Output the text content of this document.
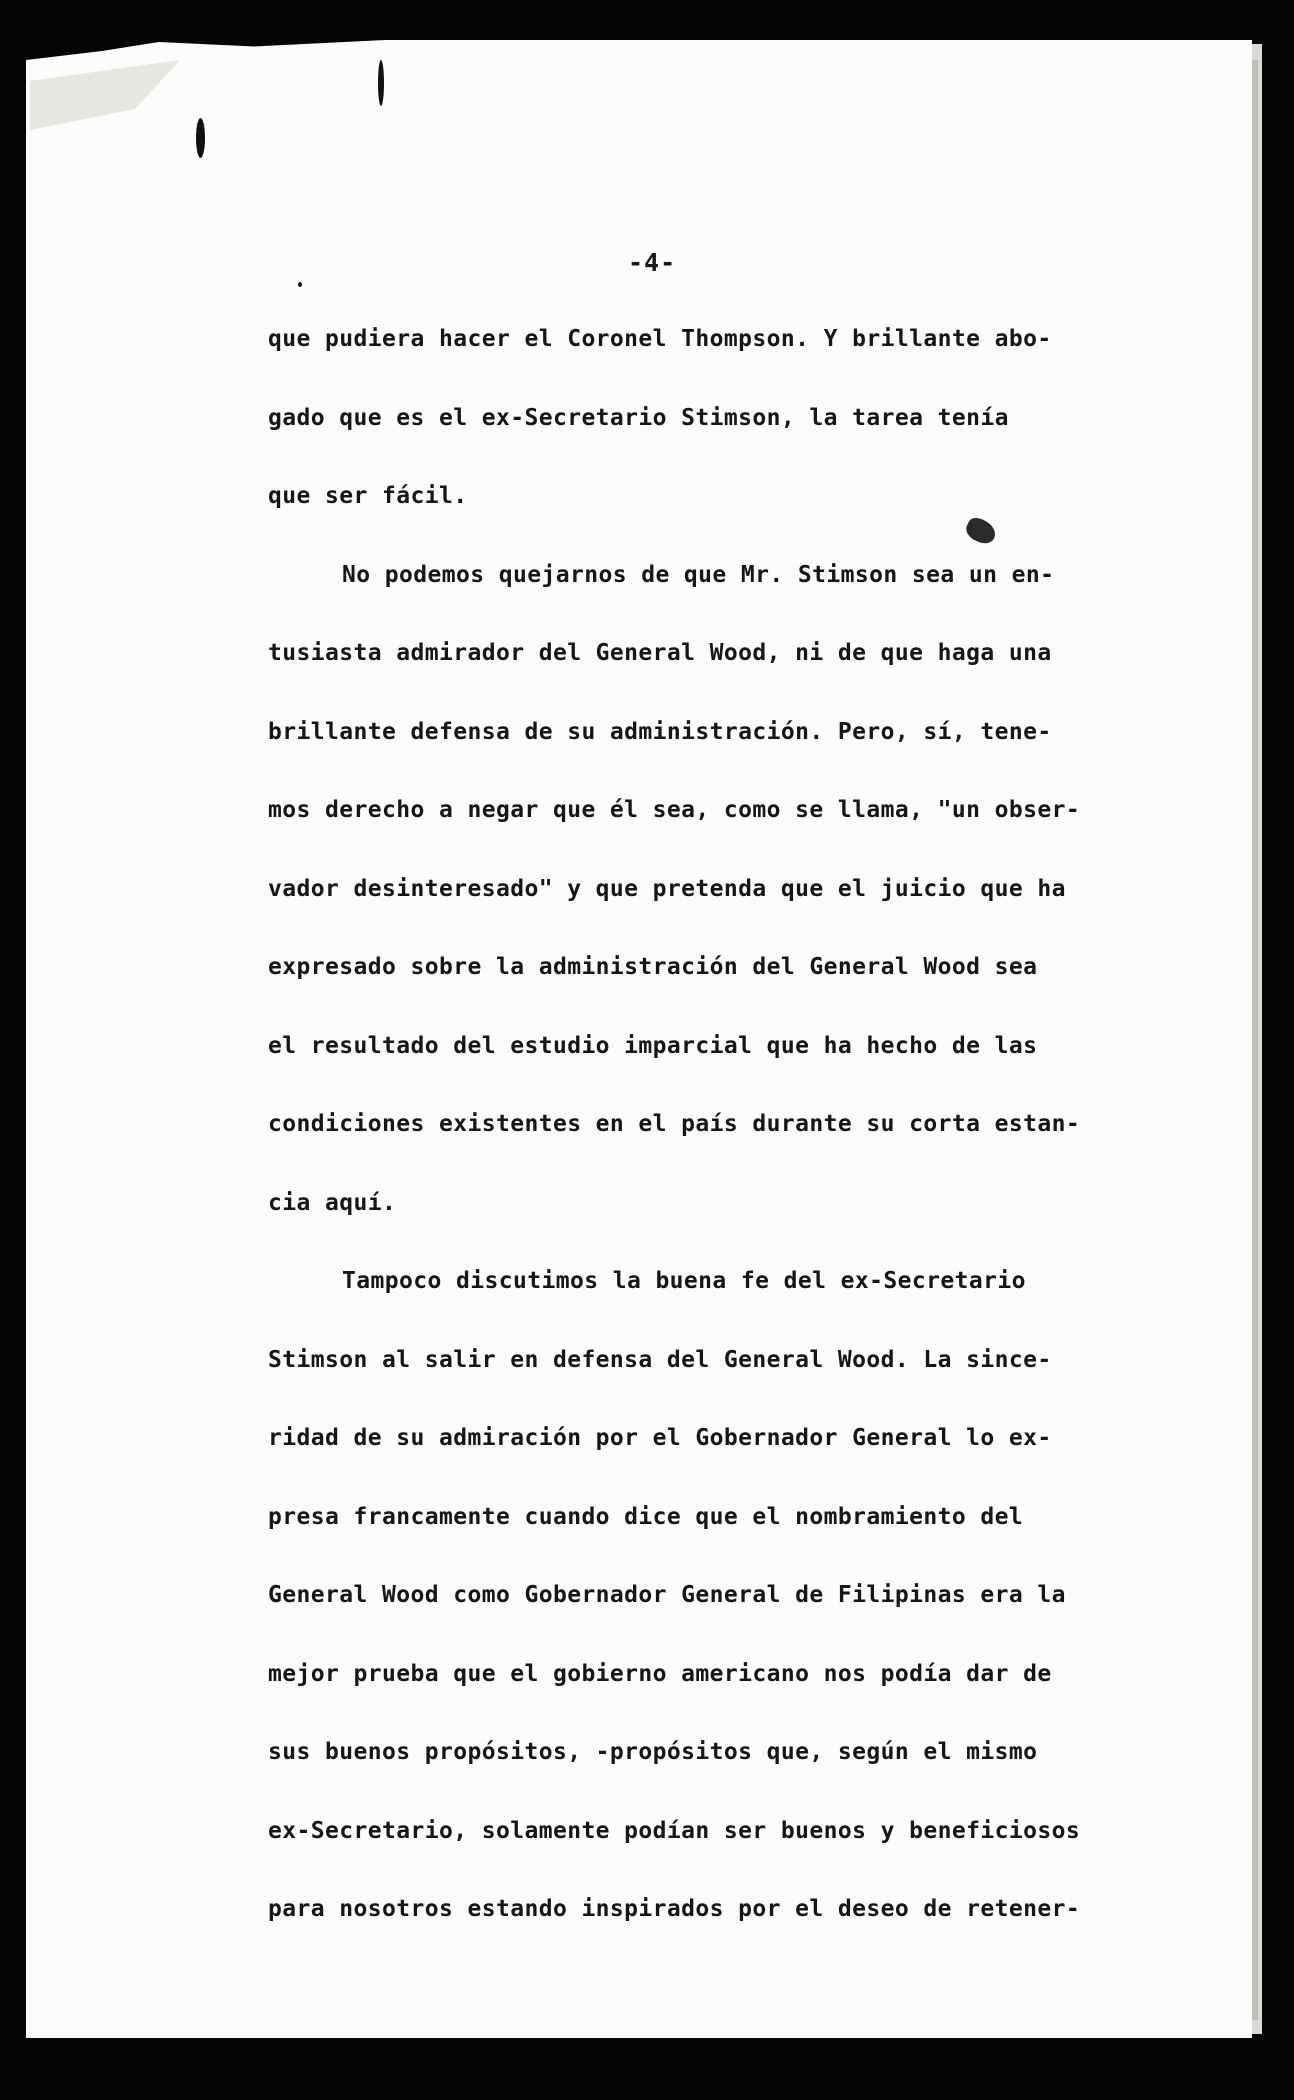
-4-

que pudiera hacer el Coronel Thompson. Y brillante abo-
gado que es el ex-Secretario Stimson, la tarea tenía
que ser fácil.
No podemos quejarnos de que Mr. Stimson sea un en-
tusiasta admirador del General Wood, ni de que haga una
brillante defensa de su administración. Pero, sí, tene-
mos derecho a negar que él sea, como se llama, "un obser-
vador desinteresado" y que pretenda que el juicio que ha
expresado sobre la administración del General Wood sea
el resultado del estudio imparcial que ha hecho de las
condiciones existentes en el país durante su corta estan-
cia aquí.
Tampoco discutimos la buena fe del ex-Secretario
Stimson al salir en defensa del General Wood. La since-
ridad de su admiración por el Gobernador General lo ex-
presa francamente cuando dice que el nombramiento del
General Wood como Gobernador General de Filipinas era la
mejor prueba que el gobierno americano nos podía dar de
sus buenos propósitos, -propósitos que, según el mismo
ex-Secretario, solamente podían ser buenos y beneficiosos
para nosotros estando inspirados por el deseo de retener-
